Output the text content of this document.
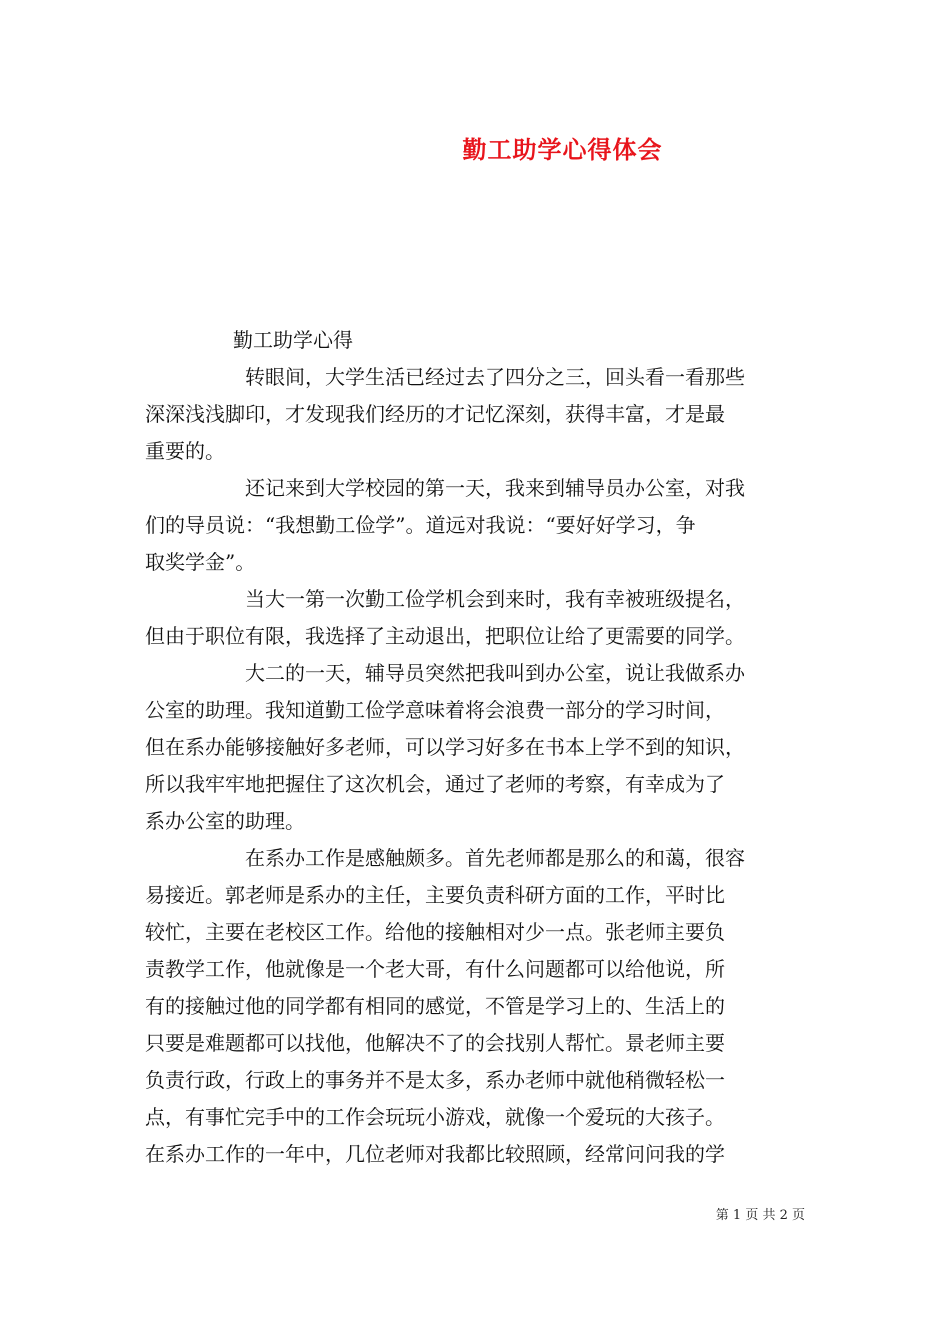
勤工助学心得体会

勤工助学心得

转眼间，大学生活已经过去了四分之三，回头看一看那些
深深浅浅脚印，才发现我们经历的才记忆深刻，获得丰富，才是最
重要的。

还记来到大学校园的第一天，我来到辅导员办公室，对我
们的导员说：“我想勤工俭学”。道远对我说：“要好好学习，争
取奖学金”。

当大一第一次勤工俭学机会到来时，我有幸被班级提名，
但由于职位有限，我选择了主动退出，把职位让给了更需要的同学。

大二的一天，辅导员突然把我叫到办公室，说让我做系办
公室的助理。我知道勤工俭学意味着将会浪费一部分的学习时间，
但在系办能够接触好多老师，可以学习好多在书本上学不到的知识，
所以我牢牢地把握住了这次机会，通过了老师的考察，有幸成为了
系办公室的助理。

在系办工作是感触颇多。首先老师都是那么的和蔼，很容
易接近。郭老师是系办的主任，主要负责科研方面的工作，平时比
较忙，主要在老校区工作。给他的接触相对少一点。张老师主要负
责教学工作，他就像是一个老大哥，有什么问题都可以给他说，所
有的接触过他的同学都有相同的感觉，不管是学习上的、生活上的
只要是难题都可以找他，他解决不了的会找别人帮忙。景老师主要
负责行政，行政上的事务并不是太多，系办老师中就他稍微轻松一
点，有事忙完手中的工作会玩玩小游戏，就像一个爱玩的大孩子。
在系办工作的一年中，几位老师对我都比较照顾，经常问问我的学

第 1 页 共 2 页
